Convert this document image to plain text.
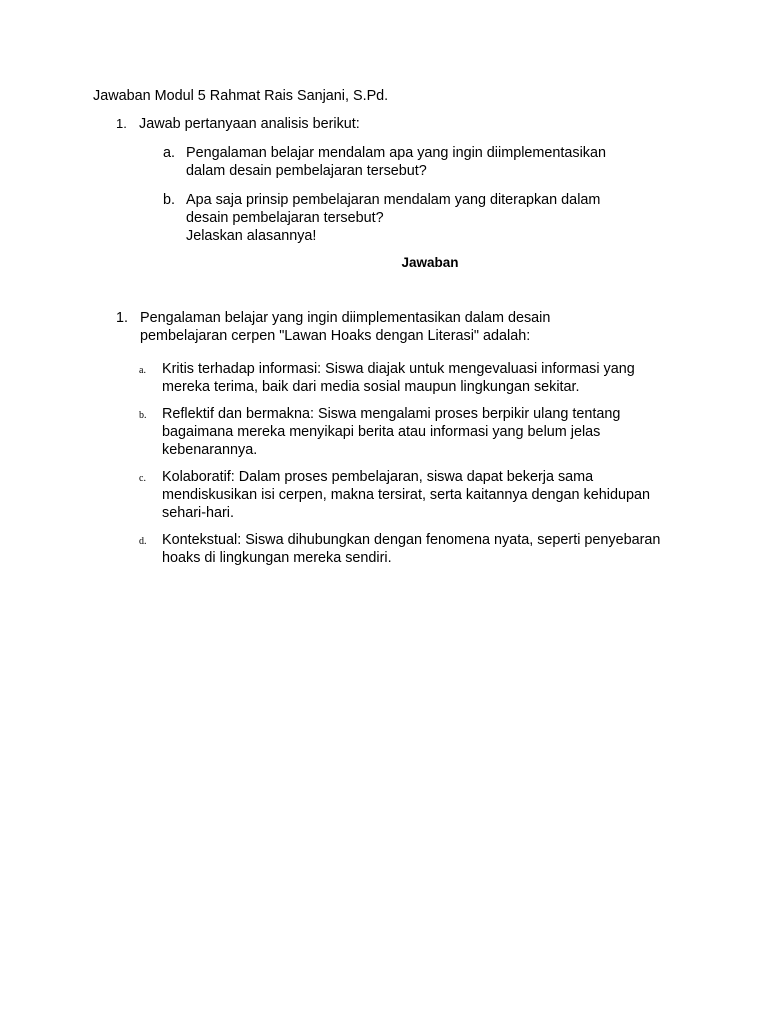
Jawaban Modul 5 Rahmat Rais Sanjani, S.Pd.
1. Jawab pertanyaan analisis berikut:
a. Pengalaman belajar mendalam apa yang ingin diimplementasikan
dalam desain pembelajaran tersebut?
b. Apa saja prinsip pembelajaran mendalam yang diterapkan dalam
desain pembelajaran tersebut?
Jelaskan alasannya!
Jawaban
1. Pengalaman belajar yang ingin diimplementasikan dalam desain pembelajaran cerpen "Lawan Hoaks dengan Literasi" adalah:
a.	Kritis terhadap informasi: Siswa diajak untuk mengevaluasi informasi yang mereka terima, baik dari media sosial maupun lingkungan sekitar.
b.	Reflektif dan bermakna: Siswa mengalami proses berpikir ulang tentang bagaimana mereka menyikapi berita atau informasi yang belum jelas kebenarannya.
c.	Kolaboratif: Dalam proses pembelajaran, siswa dapat bekerja sama mendiskusikan isi cerpen, makna tersirat, serta kaitannya dengan kehidupan sehari-hari.
d.	Kontekstual: Siswa dihubungkan dengan fenomena nyata, seperti penyebaran hoaks di lingkungan mereka sendiri.
